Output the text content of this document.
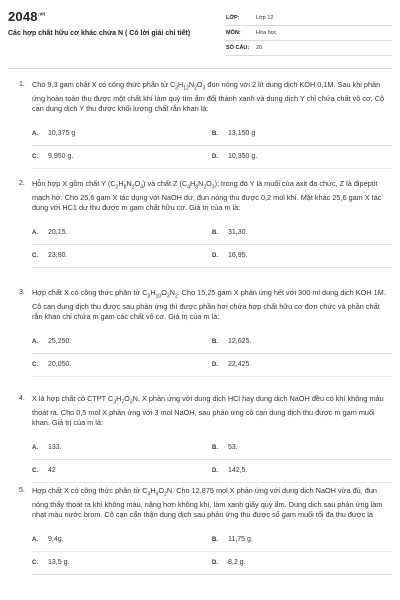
$2048^{.vn}$
Các hợp chất hữu cơ khác chứa N ( Có lời giải chi tiết)
LỚP:	Lớp 12
MÔN:	Hóa học
SỐ CÂU: 20
1. Cho 9,3 gam chất X có công thức phân tử $C_3H_{12}N_2O_3$ đun nóng với 2 lít dung dịch KOH 0,1M. Sau khi phản ứng hoàn toàn thu được một chất khí làm quỳ tím ẩm đổi thành xanh và dung dịch Y chỉ chứa chất vô cơ. Cô cạn dung dịch Y thu được khối lượng chất rắn khan là:
A. 10,375 g	B. 13,150 g
C. 9,950 g.	D. 10,350 g.
2. Hỗn hợp X gồm chất Y $(C_2H_8N_2O_4)$ và chất Z $(C_4H_8N_2O_3)$; trong đó Y là muối của axit đa chức, Z là đipeptit mạch hở. Cho 25,6 gam X tác dụng với NaOH dư, đun nóng thu được 0,2 mol khí. Mặt khác 25,6 gam X tác dụng với HC1 dư thu được m gam chất hữu cơ. Giá trị của m là:
A. 20,15.	B. 31,30.
C. 23,80.	D. 16,95.
3. Hợp chất X có công thức phân tử $C_3H_{10}O_3N_2$. Cho 15,25 gam X phản ứng hết với 300 ml dung dịch KOH 1M. Cô cạn dung dịch thu được sau phản ứng thì được phần hơi chứa hợp chất hữu cơ đơn chức và phần chất rắn khan chỉ chứa m gam các chất vô cơ. Giá trị của m là:
A. 25,250.	B. 12,625.
C. 20,050.	D. 22,425
4. X là hợp chất có CTPT $C_3H_7O_3N$. X phản ứng với dung dịch HCl hay dung dịch NaOH đều có khí không màu thoát ra. Cho 0,5 mol X phản ứng với 3 mol NaOH, sau phản ứng cô cạn dung dịch thu được m gam muối khan. Giá trị của m là:
A. 133.	B. 53.
C. 42	D. 142,5.
5. Hợp chất X có công thức phân tử $C_4H_9O_2N$. Cho 12,875 mol X phản ứng với dung dịch NaOH vừa đủ, đun nóng thấy thoát ra khí không màu, nặng hơn không khí, làm xanh giấy quỳ ẩm. Dung dịch sau phản ứng làm nhạt màu nước brom. Cô cạn cẩn thận dung dịch sau phản ứng thu được số gam muối tối đa thu được là
A. 9,4g.	B. 11,75 g.
C. 13,5 g.	D. 8,2 g.
